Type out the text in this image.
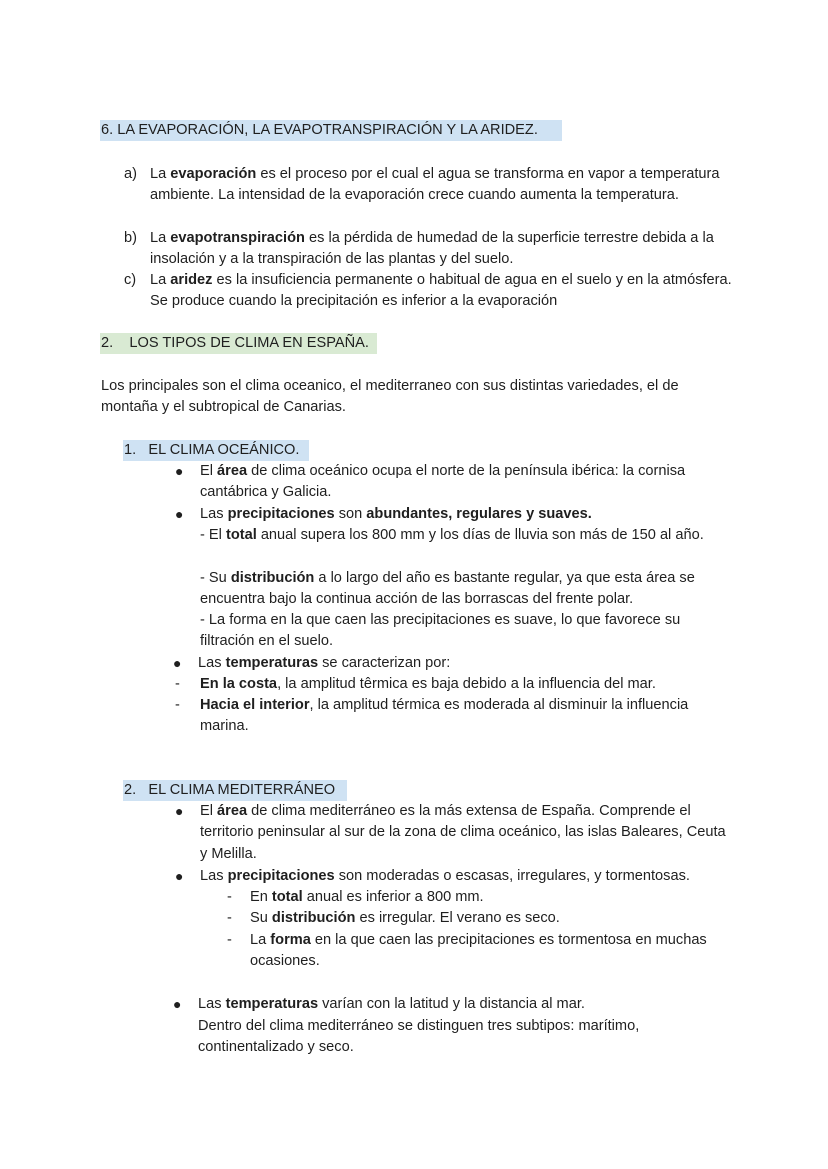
6. LA EVAPORACIÓN, LA EVAPOTRANSPIRACIÓN Y LA ARIDEZ.
a) La evaporación es el proceso por el cual el agua se transforma en vapor a temperatura ambiente. La intensidad de la evaporación crece cuando aumenta la temperatura.
b) La evapotranspiración es la pérdida de humedad de la superficie terrestre debida a la insolación y a la transpiración de las plantas y del suelo.
c) La aridez es la insuficiencia permanente o habitual de agua en el suelo y en la atmósfera. Se produce cuando la precipitación es inferior a la evaporación
2.    LOS TIPOS DE CLIMA EN ESPAÑA.
Los principales son el clima oceanico, el mediterraneo con sus distintas variedades, el de montaña y el subtropical de Canarias.
1.   EL CLIMA OCEÁNICO.
● El área de clima oceánico ocupa el norte de la península ibérica: la cornisa cantábrica y Galicia.
● Las precipitaciones son abundantes, regulares y suaves.
- El total anual supera los 800 mm y los días de lluvia son más de 150 al año.
- Su distribución a lo largo del año es bastante regular, ya que esta área se encuentra bajo la continua acción de las borrascas del frente polar.
- La forma en la que caen las precipitaciones es suave, lo que favorece su filtración en el suelo.
● Las temperaturas se caracterizan por:
- En la costa, la amplitud têrmica es baja debido a la influencia del mar.
- Hacia el interior, la amplitud térmica es moderada al disminuir la influencia marina.
2.   EL CLIMA MEDITERRÁNEO
● El área de clima mediterráneo es la más extensa de España. Comprende el territorio peninsular al sur de la zona de clima oceánico, las islas Baleares, Ceuta y Melilla.
● Las precipitaciones son moderadas o escasas, irregulares, y tormentosas.
- En total anual es inferior a 800 mm.
- Su distribución es irregular. El verano es seco.
- La forma en la que caen las precipitaciones es tormentosa en muchas ocasiones.
● Las temperaturas varían con la latitud y la distancia al mar.
Dentro del clima mediterráneo se distinguen tres subtipos: marítimo, continentalizado y seco.
